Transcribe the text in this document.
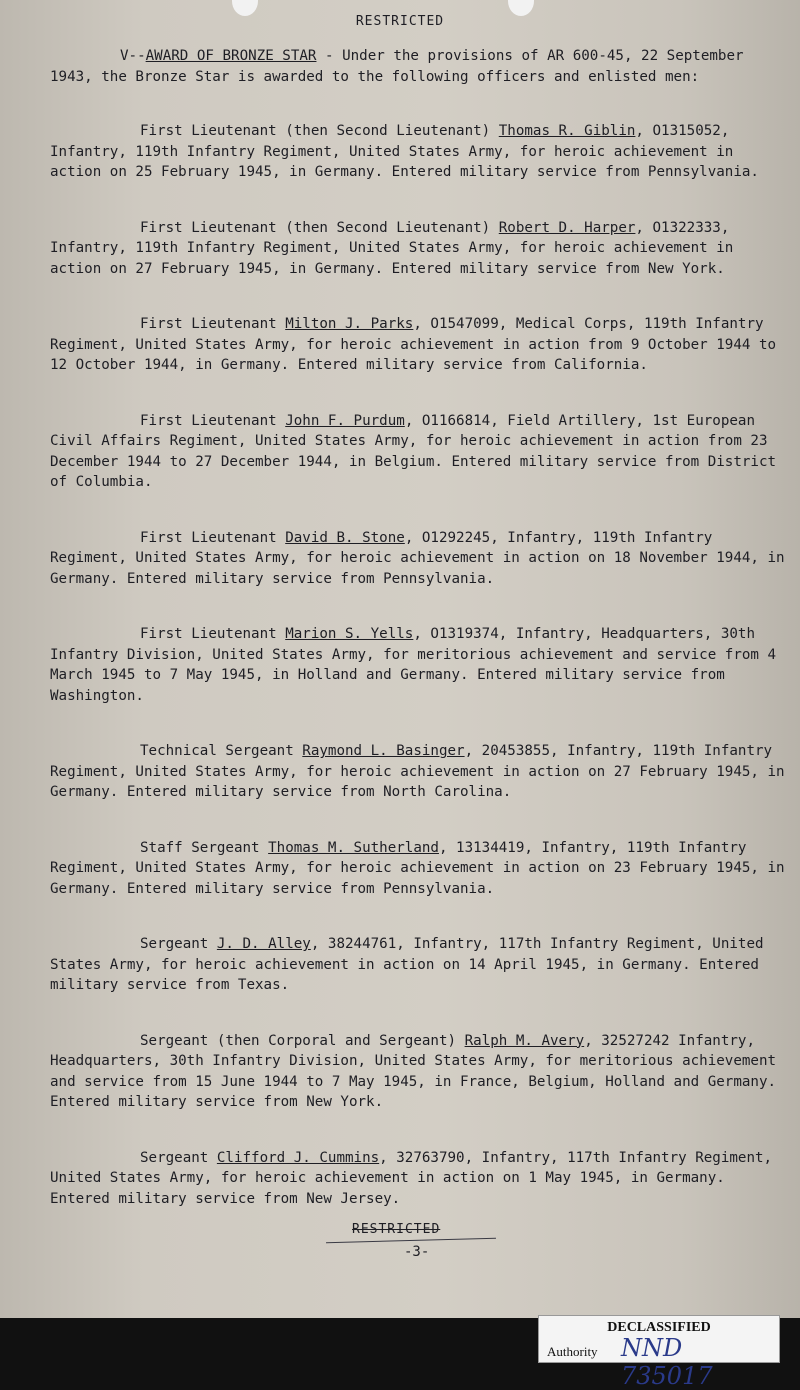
RESTRICTED

V--AWARD OF BRONZE STAR - Under the provisions of AR 600-45, 22 September 1943, the Bronze Star is awarded to the following officers and enlisted men:

First Lieutenant (then Second Lieutenant) Thomas R. Giblin, O1315052, Infantry, 119th Infantry Regiment, United States Army, for heroic achievement in action on 25 February 1945, in Germany. Entered military service from Pennsylvania.

First Lieutenant (then Second Lieutenant) Robert D. Harper, O1322333, Infantry, 119th Infantry Regiment, United States Army, for heroic achievement in action on 27 February 1945, in Germany. Entered military service from New York.

First Lieutenant Milton J. Parks, O1547099, Medical Corps, 119th Infantry Regiment, United States Army, for heroic achievement in action from 9 October 1944 to 12 October 1944, in Germany. Entered military service from California.

First Lieutenant John F. Purdum, O1166814, Field Artillery, 1st European Civil Affairs Regiment, United States Army, for heroic achievement in action from 23 December 1944 to 27 December 1944, in Belgium. Entered military service from District of Columbia.

First Lieutenant David B. Stone, O1292245, Infantry, 119th Infantry Regiment, United States Army, for heroic achievement in action on 18 November 1944, in Germany. Entered military service from Pennsylvania.

First Lieutenant Marion S. Yells, O1319374, Infantry, Headquarters, 30th Infantry Division, United States Army, for meritorious achievement and service from 4 March 1945 to 7 May 1945, in Holland and Germany. Entered military service from Washington.

Technical Sergeant Raymond L. Basinger, 20453855, Infantry, 119th Infantry Regiment, United States Army, for heroic achievement in action on 27 February 1945, in Germany. Entered military service from North Carolina.

Staff Sergeant Thomas M. Sutherland, 13134419, Infantry, 119th Infantry Regiment, United States Army, for heroic achievement in action on 23 February 1945, in Germany. Entered military service from Pennsylvania.

Sergeant J. D. Alley, 38244761, Infantry, 117th Infantry Regiment, United States Army, for heroic achievement in action on 14 April 1945, in Germany. Entered military service from Texas.

Sergeant (then Corporal and Sergeant) Ralph M. Avery, 32527242 Infantry, Headquarters, 30th Infantry Division, United States Army, for meritorious achievement and service from 15 June 1944 to 7 May 1945, in France, Belgium, Holland and Germany. Entered military service from New York.

Sergeant Clifford J. Cummins, 32763790, Infantry, 117th Infantry Regiment, United States Army, for heroic achievement in action on 1 May 1945, in Germany. Entered military service from New Jersey.

RESTRICTED
-3-
DECLASSIFIED
Authority NND 735017
